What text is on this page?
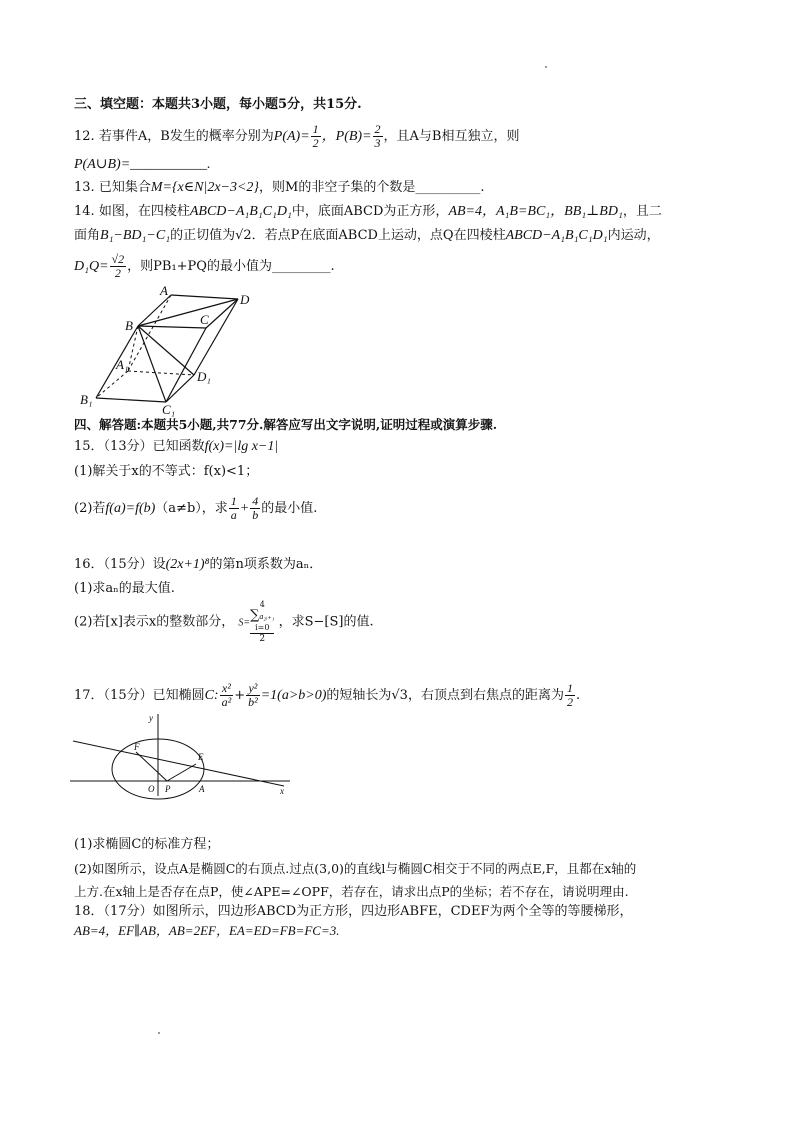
三、填空题：本题共3小题，每小题5分，共15分.
12. 若事件A，B发生的概率分别为$P(A)= \frac{1}{2}$ ，$P(B)= \frac{2}{3}$ ，且A与B相互独立，则
P(A∪B)=___________.
13. 已知集合M={x∈N|2x−3<2}，则M的非空子集的个数是__________.
14. 如图，在四棱柱ABCD−A₁B₁C₁D₁中，底面ABCD为正方形，AB=4，A₁B=BC₁，BB₁⊥BD₁，且二
面角B₁−BD₁−C₁的正切值为√2．若点P在底面ABCD上运动，点Q在四棱柱ABCD−A₁B₁C₁D₁内运动，
$D_1Q= \frac{√2}{2}$ ，则PB₁+PQ的最小值为_________.
A
D
B	C
A₁
D₁
B₁
C₁
四、解答题:本题共5小题,共77分.解答应写出文字说明,证明过程或演算步骤.
15．（13分）已知函数f(x)=|lg x−1|
(1)解关于x的不等式：f(x)<1；
(2)若f(a)=f(b)（a≠b），求 $\frac{1}{a} + \frac{4}{b}$ 的最小值.
16．（15分）设(2x+1)⁸的第n项系数为aₙ．
(1)求aₙ的最大值.
(2)若[x]表示x的整数部分， S=
4
∑a₂ᵢ₊₁
i=0
2
，求S−[S]的值.
17．（15分）已知椭圆C: $\frac{\text{x²}}{\text{a²}} + \frac{\text{y²}}{\text{b²}} =1(a>b>0)$的短轴长为√3，右顶点到右焦点的距离为 $\frac{1}{2}$ .
y
F
E
O P	A	x
(1)求椭圆C的标准方程；
(2)如图所示，设点A是椭圆C的右顶点.过点(3,0)的直线l与椭圆C相交于不同的两点E,F，且都在x轴的
上方.在x轴上是否存在点P，使∠APE=∠OPF，若存在，请求出点P的坐标；若不存在，请说明理由.
18．（17分）如图所示，四边形ABCD为正方形，四边形ABFE，CDEF为两个全等的等腰梯形，
AB=4，EF∥AB，AB=2EF，EA=ED=FB=FC=3.
